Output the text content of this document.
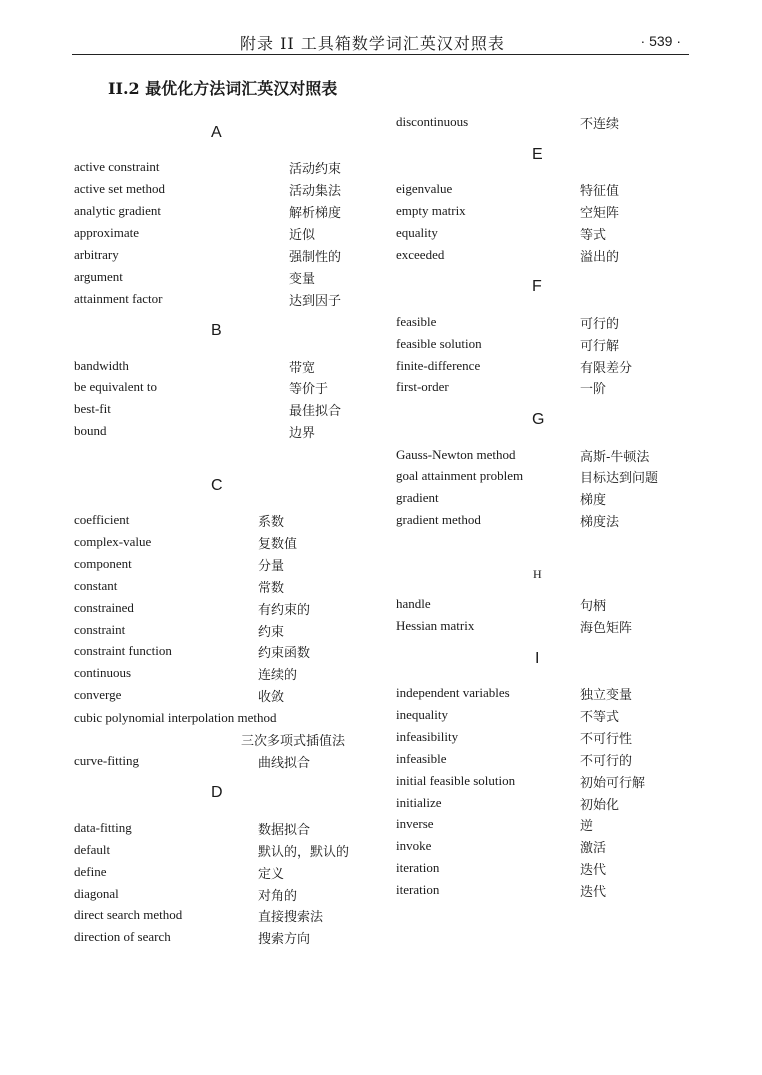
附录 II 工具箱数学词汇英汉对照表	· 539 ·
II.2 最优化方法词汇英汉对照表
A
active constraint	活动约束
active set method	活动集法
analytic gradient	解析梯度
approximate	近似
arbitrary	强制性的
argument	变量
attainment factor	达到因子
B
bandwidth	带宽
be equivalent to	等价于
best-fit	最佳拟合
bound	边界
C
coefficient	系数
complex-value	复数值
component	分量
constant	常数
constrained	有约束的
constraint	约束
constraint function	约束函数
continuous	连续的
converge	收敛
cubic polynomial interpolation method
三次多项式插值法
curve-fitting	曲线拟合
D
data-fitting	数据拟合
default	默认的，默认的
define	定义
diagonal	对角的
direct search method	直接搜索法
direction of search	搜索方向
discontinuous	不连续
E
eigenvalue	特征值
empty matrix	空矩阵
equality	等式
exceeded	溢出的
F
feasible	可行的
feasible solution	可行解
finite-difference	有限差分
first-order	一阶
G
Gauss-Newton method	高斯-牛顿法
goal attainment problem	目标达到问题
gradient	梯度
gradient method	梯度法
H
handle	句柄
Hessian matrix	海色矩阵
I
independent variables	独立变量
inequality	不等式
infeasibility	不可行性
infeasible	不可行的
initial feasible solution	初始可行解
initialize	初始化
inverse	逆
invoke	激活
iteration	迭代
iteration	迭代
